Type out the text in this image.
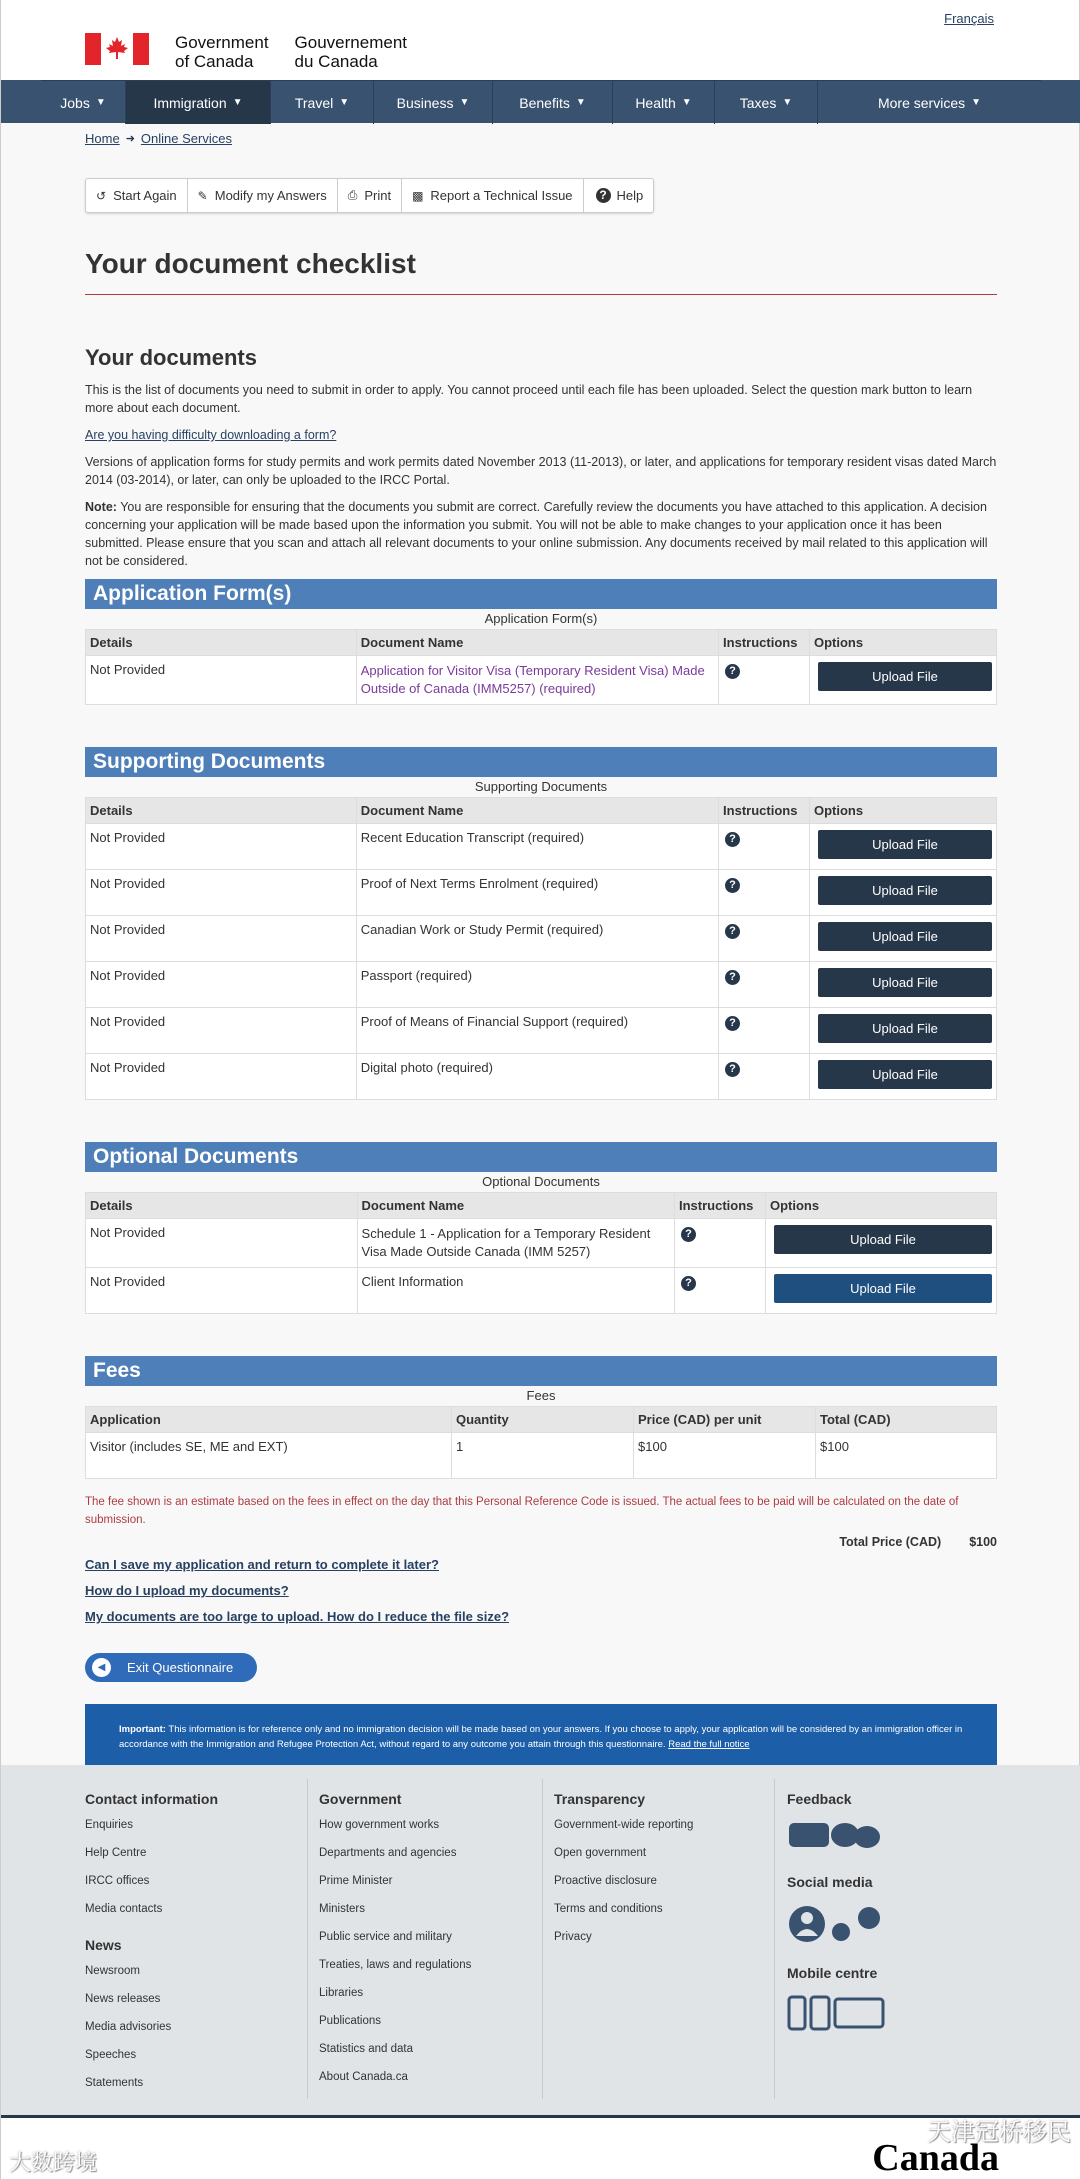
Français
Government
of Canada
Gouvernement
du Canada
Jobs ▼	Immigration ▼	Travel ▼	Business ▼	Benefits ▼	Health ▼	Taxes ▼	More services ▼
Home ➜ Online Services
↺ Start Again ✎ Modify my Answers ⎙ Print ▩ Report a Technical Issue	? Help
Your document checklist
Your documents

This is the list of documents you need to submit in order to apply. You cannot proceed until each file has been uploaded. Select the question mark button to learn more about each document.

Are you having difficulty downloading a form?

Versions of application forms for study permits and work permits dated November 2013 (11-2013), or later, and applications for temporary resident visas dated March 2014 (03-2014), or later, can only be uploaded to the IRCC Portal.

Note: You are responsible for ensuring that the documents you submit are correct. Carefully review the documents you have attached to this application. A decision concerning your application will be made based upon the information you submit. You will not be able to make changes to your application once it has been submitted. Please ensure that you scan and attach all relevant documents to your online submission. Any documents received by mail related to this application will not be considered.

Application Form(s)
Application Form(s)
Details	Document Name	Instructions	Options
Not Provided	Application for Visitor Visa (Temporary Resident Visa) Made Outside of Canada (IMM5257) (required)	?	Upload File
Supporting Documents
Supporting Documents
Details	Document Name	Instructions	Options
Not Provided	Recent Education Transcript (required)	?	Upload File

Not Provided	Proof of Next Terms Enrolment (required)	?	Upload File

Not Provided	Canadian Work or Study Permit (required)	?	Upload File

Not Provided	Passport (required)	?	Upload File

Not Provided	Proof of Means of Financial Support (required)	?	Upload File

Not Provided	Digital photo (required)	?	Upload File
Optional Documents
Optional Documents
Details	Document Name	Instructions	Options
Not Provided	Schedule 1 - Application for a Temporary Resident Visa Made Outside Canada (IMM 5257)	?	Upload File

Not Provided	Client Information	?	Upload File
Fees
Fees
Application	Quantity	Price (CAD) per unit	Total (CAD)
Visitor (includes SE, ME and EXT)	1	$100	$100

The fee shown is an estimate based on the fees in effect on the day that this Personal Reference Code is issued. The actual fees to be paid will be calculated on the date of submission.

Total Price (CAD) $100
Can I save my application and return to complete it later?
How do I upload my documents?
My documents are too large to upload. How do I reduce the file size?
◀	Exit Questionnaire
Important: This information is for reference only and no immigration decision will be made based on your answers. If you choose to apply, your application will be considered by an immigration officer in accordance with the Immigration and Refugee Protection Act, without regard to any outcome you attain through this questionnaire. Read the full notice
Contact information
Enquiries
Help Centre
IRCC offices
Media contacts
News
Newsroom
News releases
Media advisories
Speeches
Statements
Government
How government works
Departments and agencies
Prime Minister
Ministers
Public service and military
Treaties, laws and regulations
Libraries
Publications
Statistics and data
About Canada.ca
Transparency
Government-wide reporting
Open government
Proactive disclosure
Terms and conditions
Privacy
Feedback
Social media
Mobile centre
大数跨境
天津冠桥移民
Canada
